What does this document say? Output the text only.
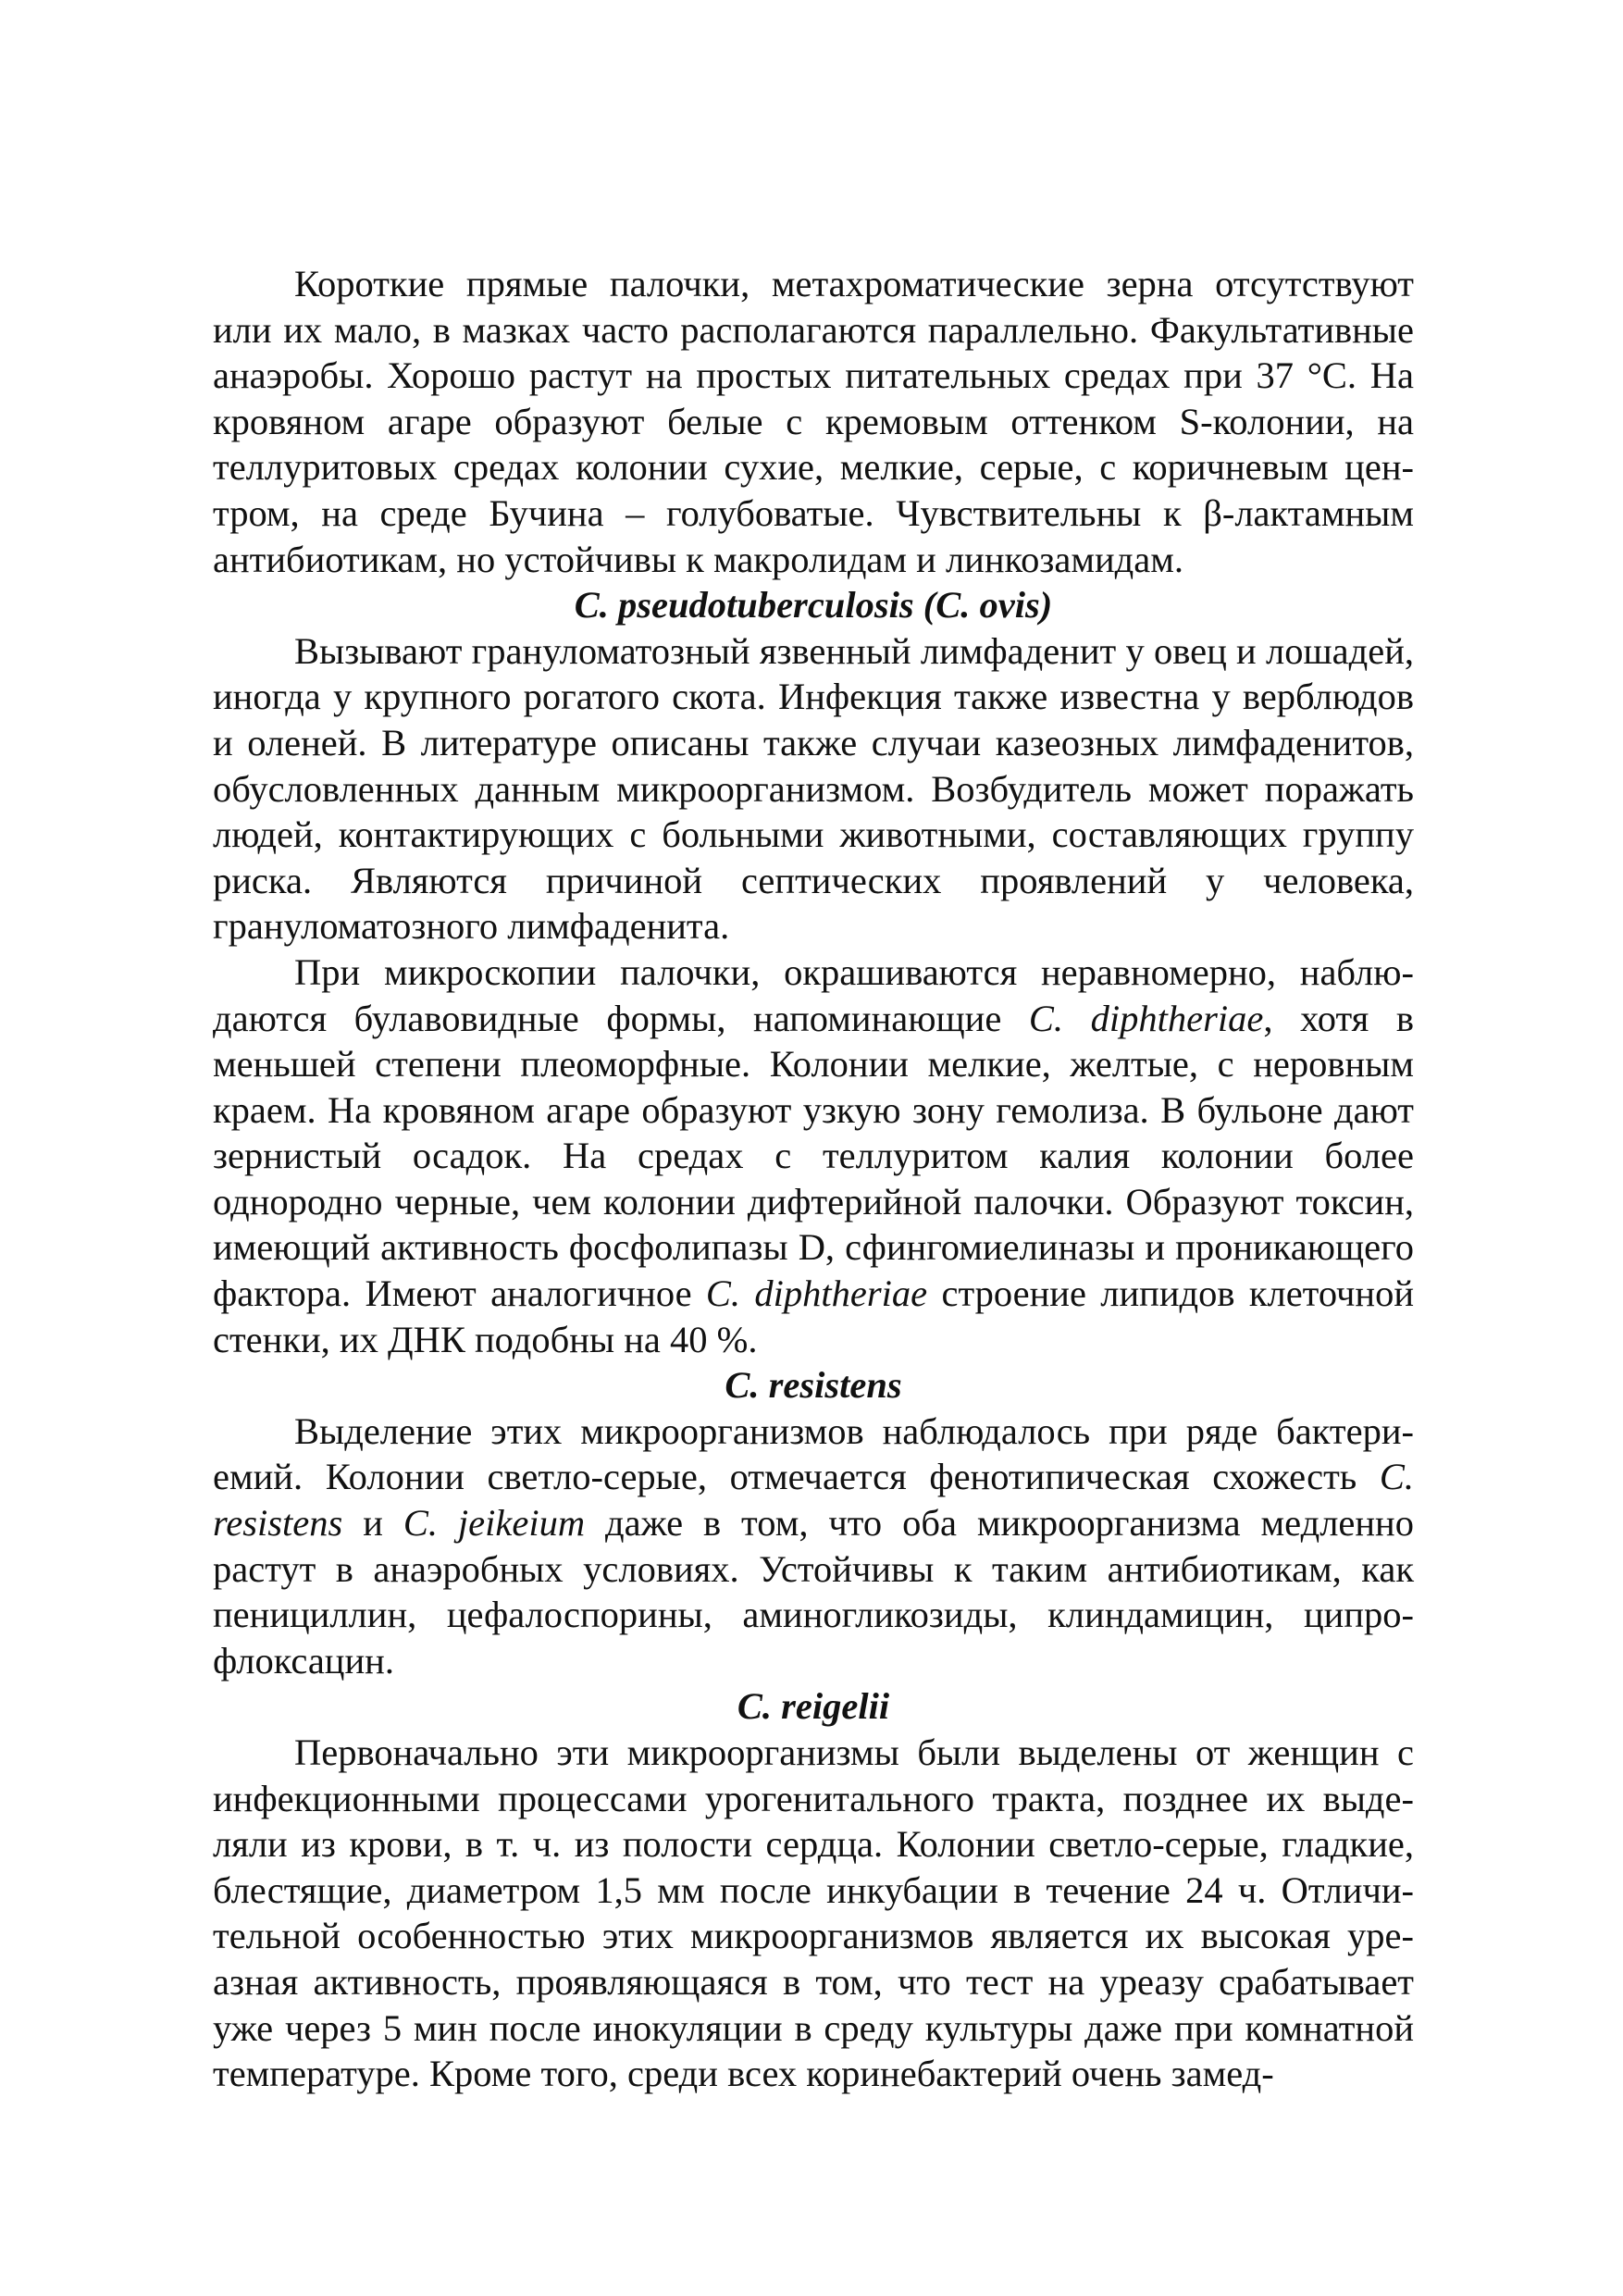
Короткие прямые палочки, метахроматические зерна отсутствуют или их мало, в мазках часто располагаются параллельно. Факультативные анаэробы. Хорошо растут на простых питательных средах при 37 °С. На кровяном агаре образуют белые с кремовым оттенком S-колонии, на теллуритовых средах колонии сухие, мелкие, серые, с коричневым центром, на среде Бучина – голубоватые. Чувствительны к β-лактамным антибиотикам, но устойчивы к макролидам и линкозамидам.

C. pseudotuberculosis (C. ovis)

Вызывают грануломатозный язвенный лимфаденит у овец и лошадей, иногда у крупного рогатого скота. Инфекция также известна у верблюдов и оленей. В литературе описаны также случаи казеозных лимфаденитов, обусловленных данным микроорганизмом. Возбудитель может поражать людей, контактирующих с больными животными, составляющих группу риска. Являются причиной септических проявлений у человека, грануломатозного лимфаденита.

При микроскопии палочки, окрашиваются неравномерно, наблюдаются булавовидные формы, напоминающие C. diphtheriae, хотя в меньшей степени плеоморфные. Колонии мелкие, желтые, с неровным краем. На кровяном агаре образуют узкую зону гемолиза. В бульоне дают зернистый осадок. На средах с теллуритом калия колонии более однородно черные, чем колонии дифтерийной палочки. Образуют токсин, имеющий активность фосфолипазы D, сфингомиелиназы и проникающего фактора. Имеют аналогичное C. diphtheriae строение липидов клеточной стенки, их ДНК подобны на 40 %.

C. resistens

Выделение этих микроорганизмов наблюдалось при ряде бактериемий. Колонии светло-серые, отмечается фенотипическая схожесть C. resistens и C. jeikeium даже в том, что оба микроорганизма медленно растут в анаэробных условиях. Устойчивы к таким антибиотикам, как пенициллин, цефалоспорины, аминогликозиды, клиндамицин, ципрофлоксацин.

C. reigelii

Первоначально эти микроорганизмы были выделены от женщин с инфекционными процессами урогенитального тракта, позднее их выделяли из крови, в т. ч. из полости сердца. Колонии светло-серые, гладкие, блестящие, диаметром 1,5 мм после инкубации в течение 24 ч. Отличительной особенностью этих микроорганизмов является их высокая уреазная активность, проявляющаяся в том, что тест на уреазу срабатывает уже через 5 мин после инокуляции в среду культуры даже при комнатной температуре. Кроме того, среди всех коринебактерий очень замед-
